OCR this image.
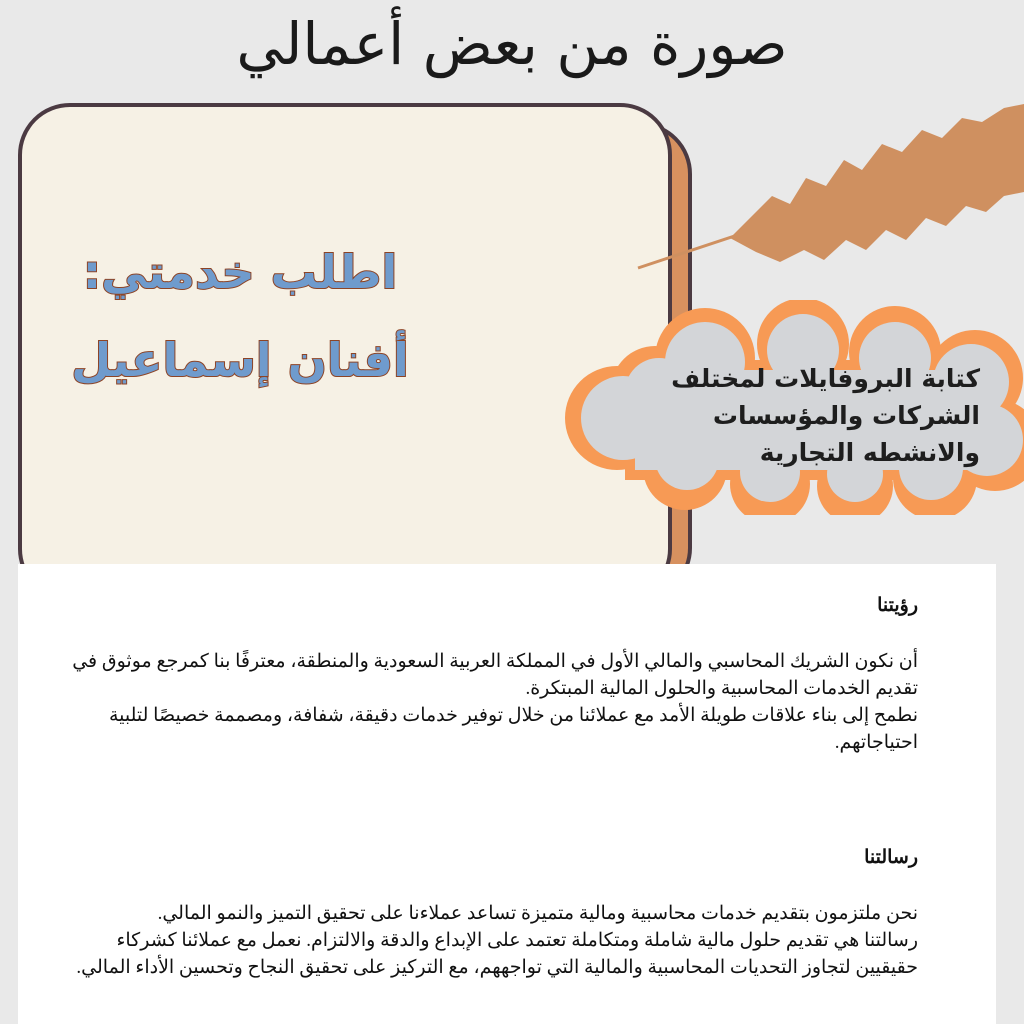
صورة من بعض أعمالي
اطلب خدمتي:
أفنان إسماعيل	كتابة البروفايلات لمختلف
الشركات والمؤسسات
والانشطه التجارية
رؤيتنا

أن نكون الشريك المحاسبي والمالي الأول في المملكة العربية السعودية والمنطقة، معترفًا بنا كمرجع موثوق في تقديم الخدمات المحاسبية والحلول المالية المبتكرة.

نطمح إلى بناء علاقات طويلة الأمد مع عملائنا من خلال توفير خدمات دقيقة، شفافة، ومصممة خصيصًا لتلبية احتياجاتهم.

رسالتنا

نحن ملتزمون بتقديم خدمات محاسبية ومالية متميزة تساعد عملاءنا على تحقيق التميز والنمو المالي.

رسالتنا هي تقديم حلول مالية شاملة ومتكاملة تعتمد على الإبداع والدقة والالتزام. نعمل مع عملائنا كشركاء حقيقيين لتجاوز التحديات المحاسبية والمالية التي تواجههم، مع التركيز على تحقيق النجاح وتحسين الأداء المالي.
